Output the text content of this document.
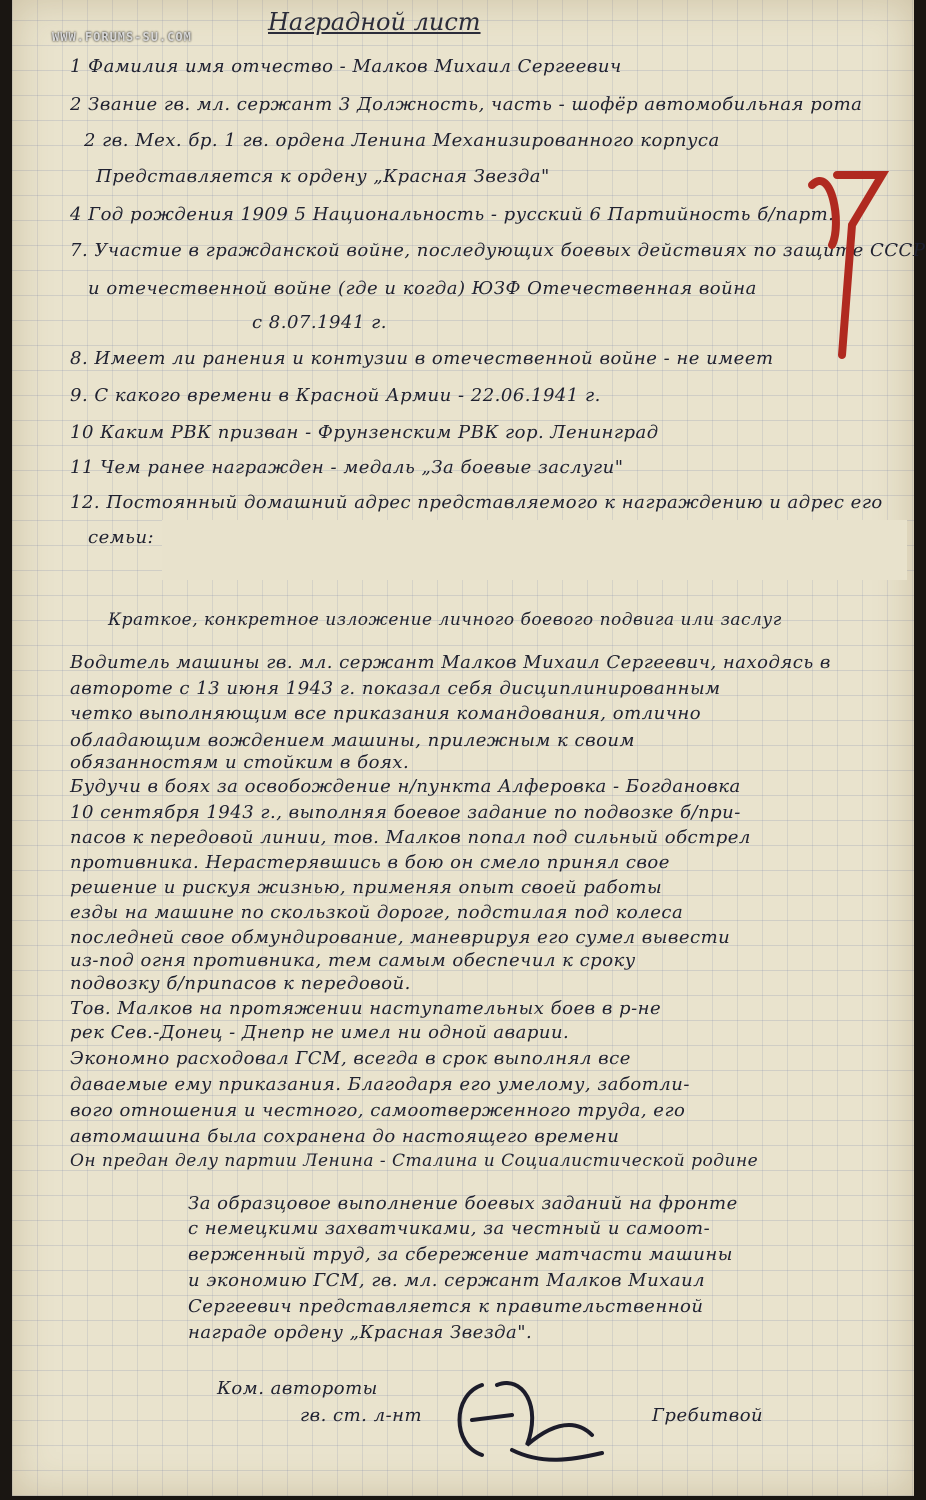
WWW.FORUMS-SU.COM
Наградной лист
1 Фамилия имя отчество - Малков Михаил Сергеевич
2 Звание гв. мл. сержант 3 Должность, часть - шофёр автомобильная рота
2 гв. Мех. бр. 1 гв. ордена Ленина Механизированного корпуса
Представляется к ордену „Красная Звезда"
4 Год рождения 1909 5 Национальность - русский 6 Партийность б/парт.
7. Участие в гражданской войне, последующих боевых действиях по защите СССР
и отечественной войне (где и когда) ЮЗФ Отечественная война
с 8.07.1941 г.
8. Имеет ли ранения и контузии в отечественной войне - не имеет
9. С какого времени в Красной Армии - 22.06.1941 г.
10 Каким РВК призван - Фрунзенским РВК гор. Ленинград
11 Чем ранее награжден - медаль „За боевые заслуги"
12. Постоянный домашний адрес представляемого к награждению и адрес его
семьи:
Краткое, конкретное изложение личного боевого подвига или заслуг
Водитель машины гв. мл. сержант Малков Михаил Сергеевич, находясь в
автороте с 13 июня 1943 г. показал себя дисциплинированным
четко выполняющим все приказания командования, отлично
обладающим вождением машины, прилежным к своим
обязанностям и стойким в боях.
Будучи в боях за освобождение н/пункта Алферовка - Богдановка
10 сентября 1943 г., выполняя боевое задание по подвозке б/при-
пасов к передовой линии, тов. Малков попал под сильный обстрел
противника. Нерастерявшись в бою он смело принял свое
решение и рискуя жизнью, применяя опыт своей работы
езды на машине по скользкой дороге, подстилая под колеса
последней свое обмундирование, маневрируя его сумел вывести
из-под огня противника, тем самым обеспечил к сроку
подвозку б/припасов к передовой.
Тов. Малков на протяжении наступательных боев в р-не
рек Сев.-Донец - Днепр не имел ни одной аварии.
Экономно расходовал ГСМ, всегда в срок выполнял все
даваемые ему приказания. Благодаря его умелому, заботли-
вого отношения и честного, самоотверженного труда, его
автомашина была сохранена до настоящего времени
Он предан делу партии Ленина - Сталина и Социалистической родине
За образцовое выполнение боевых заданий на фронте
с немецкими захватчиками, за честный и самоот-
верженный труд, за сбережение матчасти машины
и экономию ГСМ, гв. мл. сержант Малков Михаил
Сергеевич представляется к правительственной
награде ордену „Красная Звезда".
Ком. автороты
гв. ст. л-нт	Гребитвой
